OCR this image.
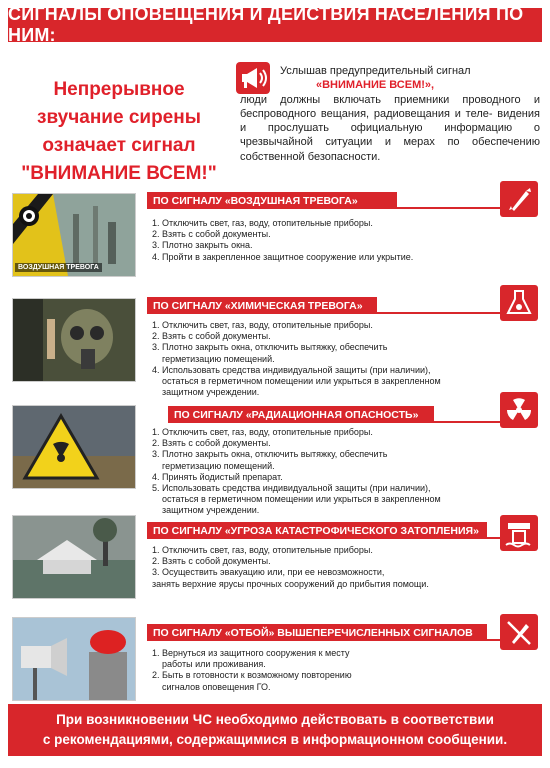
СИГНАЛЫ ОПОВЕЩЕНИЯ И ДЕЙСТВИЯ НАСЕЛЕНИЯ ПО НИМ:
Непрерывное звучание сирены
означает сигнал
"ВНИМАНИЕ ВСЕМ!"
Услышав предупредительный сигнал
«ВНИМАНИЕ ВСЕМ!»,
люди должны включать приемники проводного и беспроводного вещания, радиовещания и теле- видения и прослушать официальную информацию о чрезвычайной ситуации и мерах по обеспечению собственной безопасности.
ВОЗДУШНАЯ ТРЕВОГА
ПО СИГНАЛУ «ВОЗДУШНАЯ ТРЕВОГА»
1. Отключить свет, газ, воду, отопительные приборы.
2. Взять с собой документы.
3. Плотно закрыть окна.
4. Пройти в закрепленное защитное сооружение или укрытие.
ПО СИГНАЛУ «ХИМИЧЕСКАЯ ТРЕВОГА»
1. Отключить свет, газ, воду, отопительные приборы.
2. Взять с собой документы.
3. Плотно закрыть окна, отключить вытяжку, обеспечить
герметизацию помещений.
4. Использовать средства индивидуальной защиты (при наличии),
остаться в герметичном помещении или укрыться в закрепленном
защитном учреждении.
ПО СИГНАЛУ «РАДИАЦИОННАЯ ОПАСНОСТЬ»
1. Отключить свет, газ, воду, отопительные приборы.
2. Взять с собой документы.
3. Плотно закрыть окна, отключить вытяжку, обеспечить
герметизацию помещений.
4. Принять йодистый препарат.
5. Использовать средства индивидуальной защиты (при наличии),
остаться в герметичном помещении или укрыться в закрепленном
защитном учреждении.
ПО СИГНАЛУ «УГРОЗА КАТАСТРОФИЧЕСКОГО ЗАТОПЛЕНИЯ»
1. Отключить свет, газ, воду, отопительные приборы.
2. Взять с собой документы.
3. Осуществить эвакуацию или, при ее невозможности,
занять верхние ярусы прочных сооружений до прибытия помощи.
ПО СИГНАЛУ «ОТБОЙ» ВЫШЕПЕРЕЧИСЛЕННЫХ СИГНАЛОВ
1. Вернуться из защитного сооружения к месту
работы или проживания.
2. Быть в готовности к возможному повторению
сигналов оповещения ГО.
При возникновении ЧС необходимо действовать в соответствии
с рекомендациями, содержащимися в информационном сообщении.
